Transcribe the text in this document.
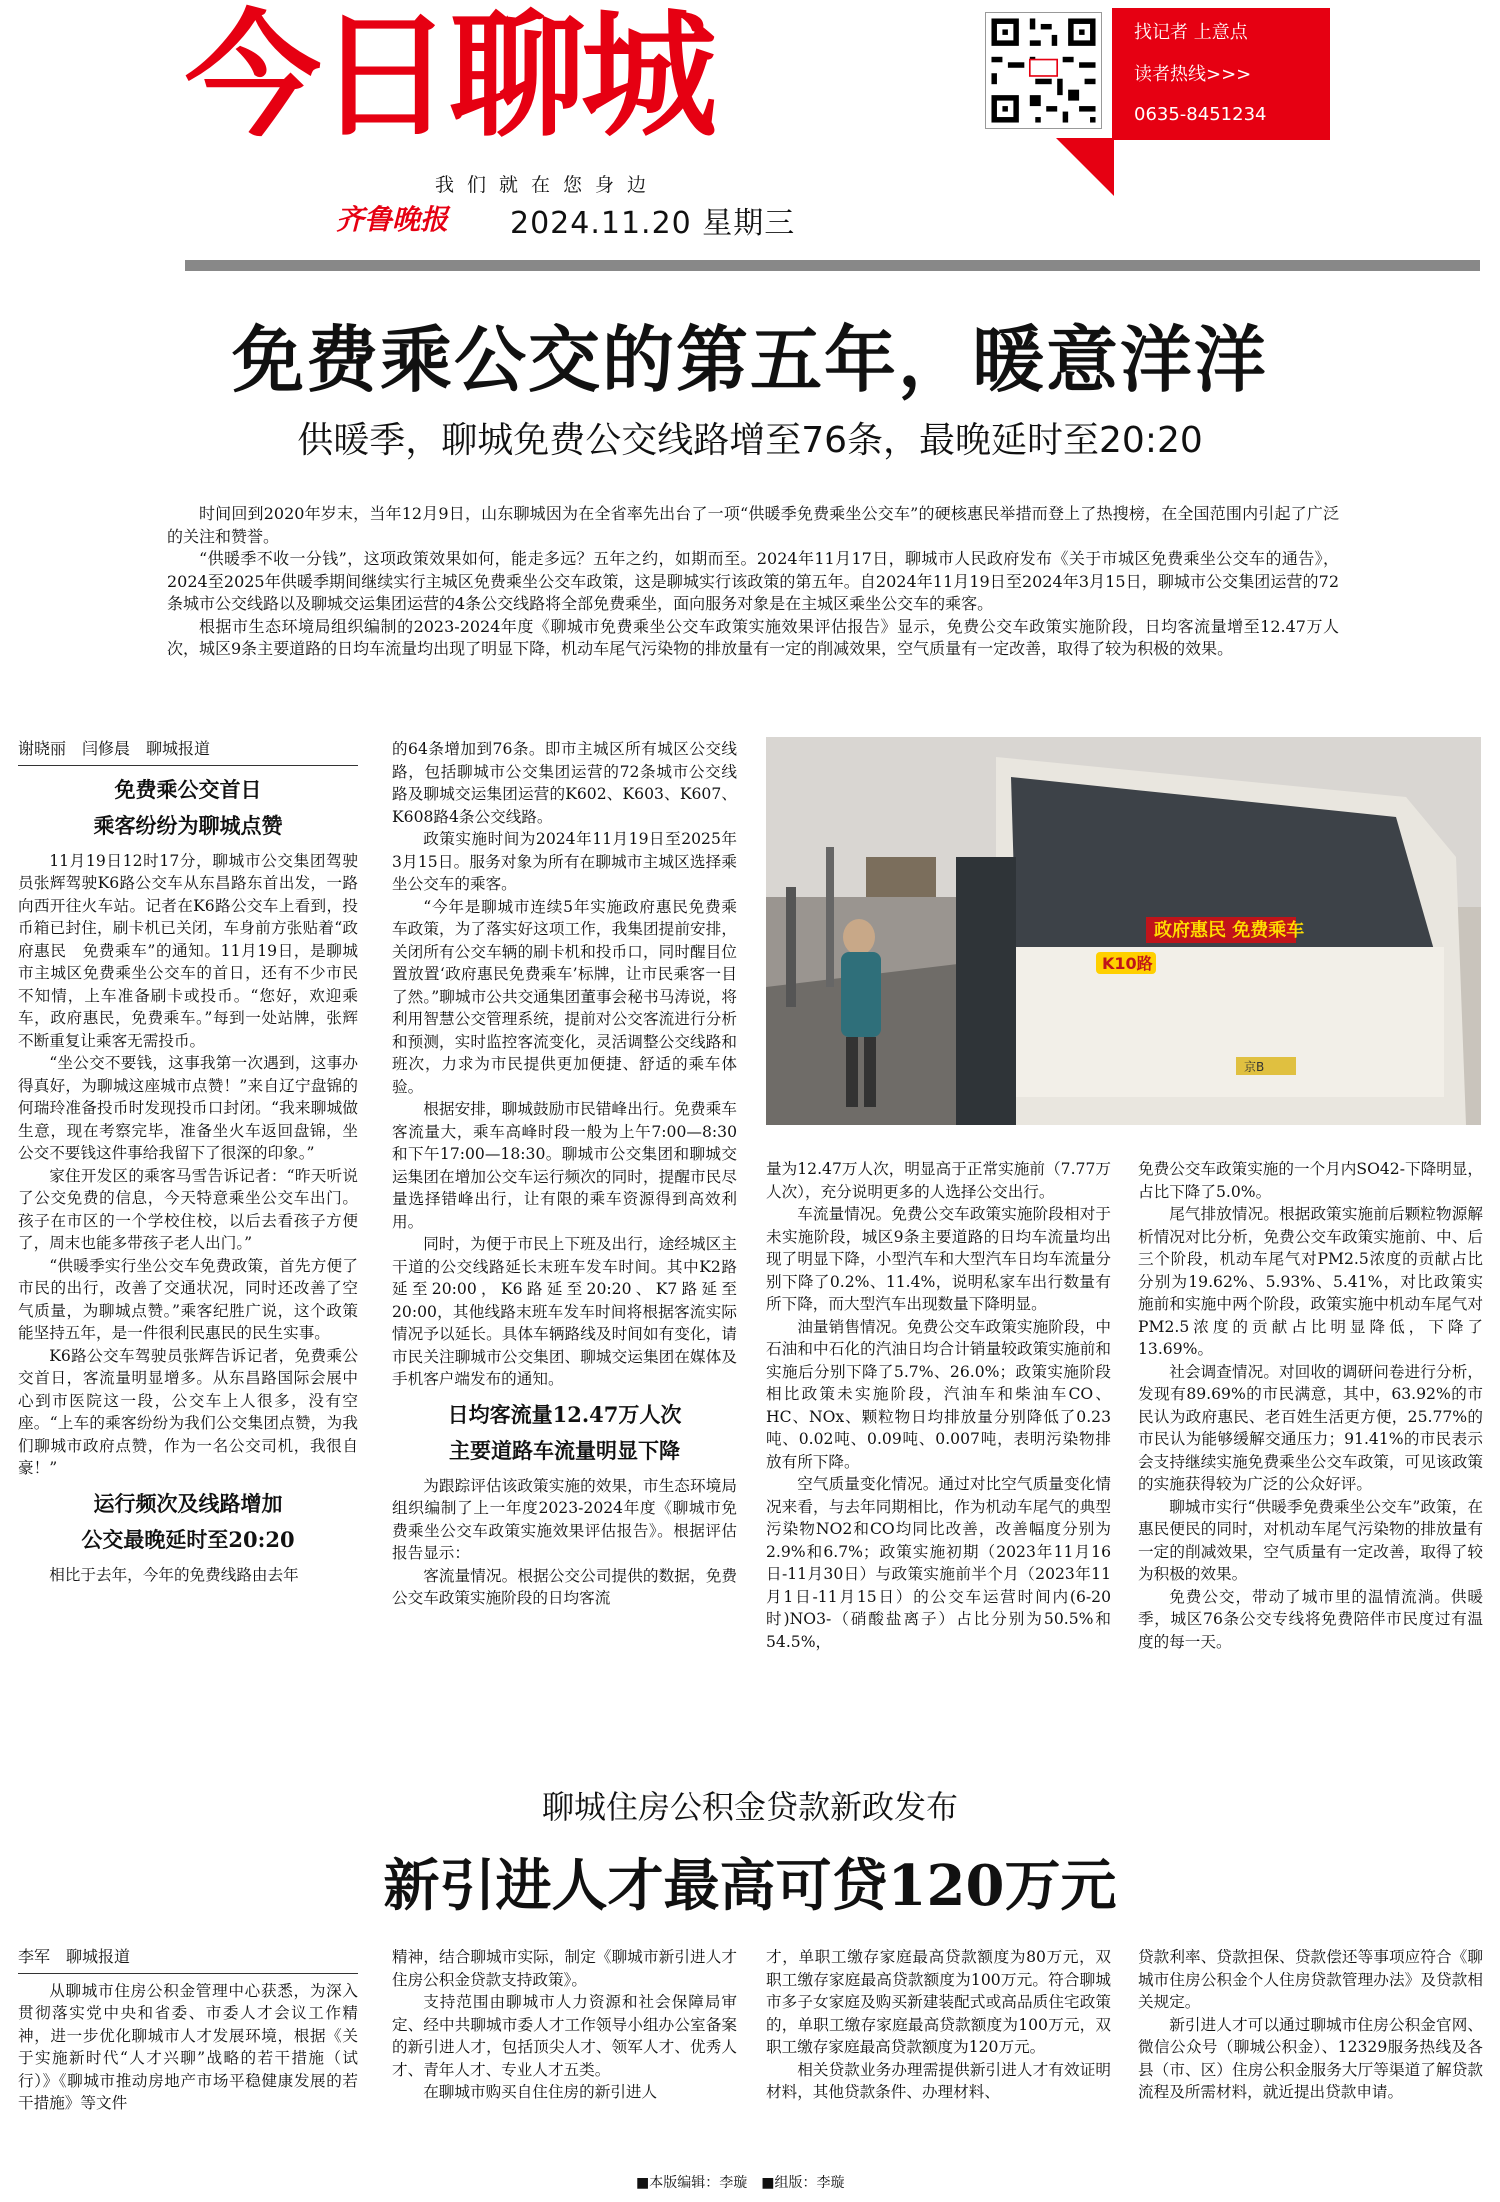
今日聊城	找记者 上意点
读者热线>>>
0635-8451234
我们就在您身边
齐鲁晚报 2024.11.20 星期三
免费乘公交的第五年，暖意洋洋
供暖季，聊城免费公交线路增至76条，最晚延时至20:20

时间回到2020年岁末，当年12月9日，山东聊城因为在全省率先出台了一项“供暖季免费乘坐公交车”的硬核惠民举措而登上了热搜榜，在全国范围内引起了广泛的关注和赞誉。

“供暖季不收一分钱”，这项政策效果如何，能走多远？五年之约，如期而至。2024年11月17日，聊城市人民政府发布《关于市城区免费乘坐公交车的通告》，2024至2025年供暖季期间继续实行主城区免费乘坐公交车政策，这是聊城实行该政策的第五年。自2024年11月19日至2024年3月15日，聊城市公交集团运营的72条城市公交线路以及聊城交运集团运营的4条公交线路将全部免费乘坐，面向服务对象是在主城区乘坐公交车的乘客。

根据市生态环境局组织编制的2023-2024年度《聊城市免费乘坐公交车政策实施效果评估报告》显示，免费公交车政策实施阶段，日均客流量增至12.47万人次，城区9条主要道路的日均车流量均出现了明显下降，机动车尾气污染物的排放量有一定的削减效果，空气质量有一定改善，取得了较为积极的效果。

谢晓丽　闫修晨　聊城报道
免费乘公交首日
乘客纷纷为聊城点赞

11月19日12时17分，聊城市公交集团驾驶员张辉驾驶K6路公交车从东昌路东首出发，一路向西开往火车站。记者在K6路公交车上看到，投币箱已封住，刷卡机已关闭，车身前方张贴着“政府惠民　免费乘车”的通知。11月19日，是聊城市主城区免费乘坐公交车的首日，还有不少市民不知情，上车准备刷卡或投币。“您好，欢迎乘车，政府惠民，免费乘车。”每到一处站牌，张辉不断重复让乘客无需投币。

“坐公交不要钱，这事我第一次遇到，这事办得真好，为聊城这座城市点赞！”来自辽宁盘锦的何瑞玲准备投币时发现投币口封闭。“我来聊城做生意，现在考察完毕，准备坐火车返回盘锦，坐公交不要钱这件事给我留下了很深的印象。”

家住开发区的乘客马雪告诉记者：“昨天听说了公交免费的信息，今天特意乘坐公交车出门。孩子在市区的一个学校住校，以后去看孩子方便了，周末也能多带孩子老人出门。”

“供暖季实行坐公交车免费政策，首先方便了市民的出行，改善了交通状况，同时还改善了空气质量，为聊城点赞。”乘客纪胜广说，这个政策能坚持五年，是一件很利民惠民的民生实事。

K6路公交车驾驶员张辉告诉记者，免费乘公交首日，客流量明显增多。从东昌路国际会展中心到市医院这一段，公交车上人很多，没有空座。“上车的乘客纷纷为我们公交集团点赞，为我们聊城市政府点赞，作为一名公交司机，我很自豪！”

运行频次及线路增加
公交最晚延时至20:20

相比于去年，今年的免费线路由去年

的64条增加到76条。即市主城区所有城区公交线路，包括聊城市公交集团运营的72条城市公交线路及聊城交运集团运营的K602、K603、K607、K608路4条公交线路。

政策实施时间为2024年11月19日至2025年3月15日。服务对象为所有在聊城市主城区选择乘坐公交车的乘客。

“今年是聊城市连续5年实施政府惠民免费乘车政策，为了落实好这项工作，我集团提前安排，关闭所有公交车辆的刷卡机和投币口，同时醒目位置放置‘政府惠民免费乘车’标牌，让市民乘客一目了然。”聊城市公共交通集团董事会秘书马涛说，将利用智慧公交管理系统，提前对公交客流进行分析和预测，实时监控客流变化，灵活调整公交线路和班次，力求为市民提供更加便捷、舒适的乘车体验。

根据安排，聊城鼓励市民错峰出行。免费乘车客流量大，乘车高峰时段一般为上午7:00—8:30和下午17:00—18:30。聊城市公交集团和聊城交运集团在增加公交车运行频次的同时，提醒市民尽量选择错峰出行，让有限的乘车资源得到高效利用。

同时，为便于市民上下班及出行，途经城区主干道的公交线路延长末班车发车时间。其中K2路延至20:00，K6路延至20:20、K7路延至20:00，其他线路末班车发车时间将根据客流实际情况予以延长。具体车辆路线及时间如有变化，请市民关注聊城市公交集团、聊城交运集团在媒体及手机客户端发布的通知。

日均客流量12.47万人次
主要道路车流量明显下降

为跟踪评估该政策实施的效果，市生态环境局组织编制了上一年度2023-2024年度《聊城市免费乘坐公交车政策实施效果评估报告》。根据评估报告显示：

客流量情况。根据公交公司提供的数据，免费公交车政策实施阶段的日均客流

政府惠民 免费乘车
K10路
京B

量为12.47万人次，明显高于正常实施前（7.77万人次），充分说明更多的人选择公交出行。

车流量情况。免费公交车政策实施阶段相对于未实施阶段，城区9条主要道路的日均车流量均出现了明显下降，小型汽车和大型汽车日均车流量分别下降了0.2%、11.4%，说明私家车出行数量有所下降，而大型汽车出现数量下降明显。

油量销售情况。免费公交车政策实施阶段，中石油和中石化的汽油日均合计销量较政策实施前和实施后分别下降了5.7%、26.0%；政策实施阶段相比政策未实施阶段，汽油车和柴油车CO、HC、NOx、颗粒物日均排放量分别降低了0.23吨、0.02吨、0.09吨、0.007吨，表明污染物排放有所下降。

空气质量变化情况。通过对比空气质量变化情况来看，与去年同期相比，作为机动车尾气的典型污染物NO2和CO均同比改善，改善幅度分别为2.9%和6.7%；政策实施初期（2023年11月16日-11月30日）与政策实施前半个月（2023年11月1日-11月15日）的公交车运营时间内(6-20时)NO3-（硝酸盐离子）占比分别为50.5%和54.5%，

免费公交车政策实施的一个月内SO42-下降明显，占比下降了5.0%。

尾气排放情况。根据政策实施前后颗粒物源解析情况对比分析，免费公交车政策实施前、中、后三个阶段，机动车尾气对PM2.5浓度的贡献占比分别为19.62%、5.93%、5.41%，对比政策实施前和实施中两个阶段，政策实施中机动车尾气对PM2.5浓度的贡献占比明显降低，下降了13.69%。

社会调查情况。对回收的调研问卷进行分析，发现有89.69%的市民满意，其中，63.92%的市民认为政府惠民、老百姓生活更方便，25.77%的市民认为能够缓解交通压力；91.41%的市民表示会支持继续实施免费乘坐公交车政策，可见该政策的实施获得较为广泛的公众好评。

聊城市实行“供暖季免费乘坐公交车”政策，在惠民便民的同时，对机动车尾气污染物的排放量有一定的削减效果，空气质量有一定改善，取得了较为积极的效果。

免费公交，带动了城市里的温情流淌。供暖季，城区76条公交专线将免费陪伴市民度过有温度的每一天。

聊城住房公积金贷款新政发布
新引进人才最高可贷120万元
李军　聊城报道

从聊城市住房公积金管理中心获悉，为深入贯彻落实党中央和省委、市委人才会议工作精神，进一步优化聊城市人才发展环境，根据《关于实施新时代“人才兴聊”战略的若干措施（试行）》《聊城市推动房地产市场平稳健康发展的若干措施》等文件

精神，结合聊城市实际，制定《聊城市新引进人才住房公积金贷款支持政策》。

支持范围由聊城市人力资源和社会保障局审定、经中共聊城市委人才工作领导小组办公室备案的新引进人才，包括顶尖人才、领军人才、优秀人才、青年人才、专业人才五类。

在聊城市购买自住住房的新引进人

才，单职工缴存家庭最高贷款额度为80万元，双职工缴存家庭最高贷款额度为100万元。符合聊城市多子女家庭及购买新建装配式或高品质住宅政策的，单职工缴存家庭最高贷款额度为100万元，双职工缴存家庭最高贷款额度为120万元。

相关贷款业务办理需提供新引进人才有效证明材料，其他贷款条件、办理材料、

贷款利率、贷款担保、贷款偿还等事项应符合《聊城市住房公积金个人住房贷款管理办法》及贷款相关规定。

新引进人才可以通过聊城市住房公积金官网、微信公众号（聊城公积金）、12329服务热线及各县（市、区）住房公积金服务大厅等渠道了解贷款流程及所需材料，就近提出贷款申请。

■本版编辑：李璇　■组版：李璇
